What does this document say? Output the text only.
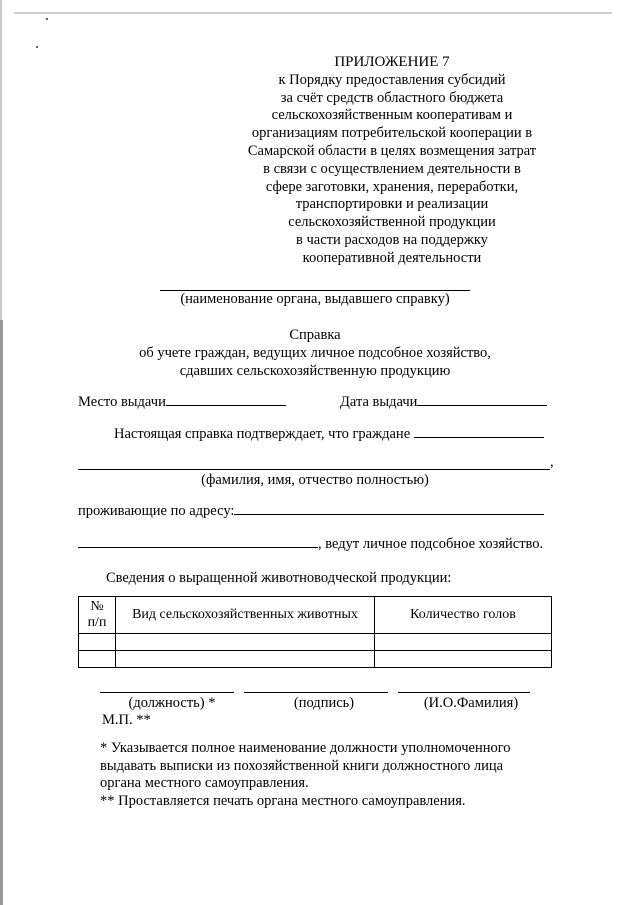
ПРИЛОЖЕНИЕ 7
к Порядку предоставления субсидий
за счёт средств областного бюджета
сельскохозяйственным кооперативам и
организациям потребительской кооперации в
Самарской области в целях возмещения затрат
в связи с осуществлением деятельности в
сфере заготовки, хранения, переработки,
транспортировки и реализации
сельскохозяйственной продукции
в части расходов на поддержку
кооперативной деятельности
(наименование органа, выдавшего справку)
Справка
об учете граждан, ведущих личное подсобное хозяйство,
сдавших сельскохозяйственную продукцию
Место выдачи	Дата выдачи
Настоящая справка подтверждает, что граждане
,
(фамилия, имя, отчество полностью)
проживающие по адресу:
, ведут личное подсобное хозяйство.
Сведения о выращенной животноводческой продукции:
№
п/п	Вид сельскохозяйственных животных	Количество голов

(должность) *	(подпись)	(И.О.Фамилия)
М.П. **

* Указывается полное наименование должности уполномоченного

выдавать выписки из похозяйственной книги должностного лица

органа местного самоуправления.

** Проставляется печать органа местного самоуправления.
